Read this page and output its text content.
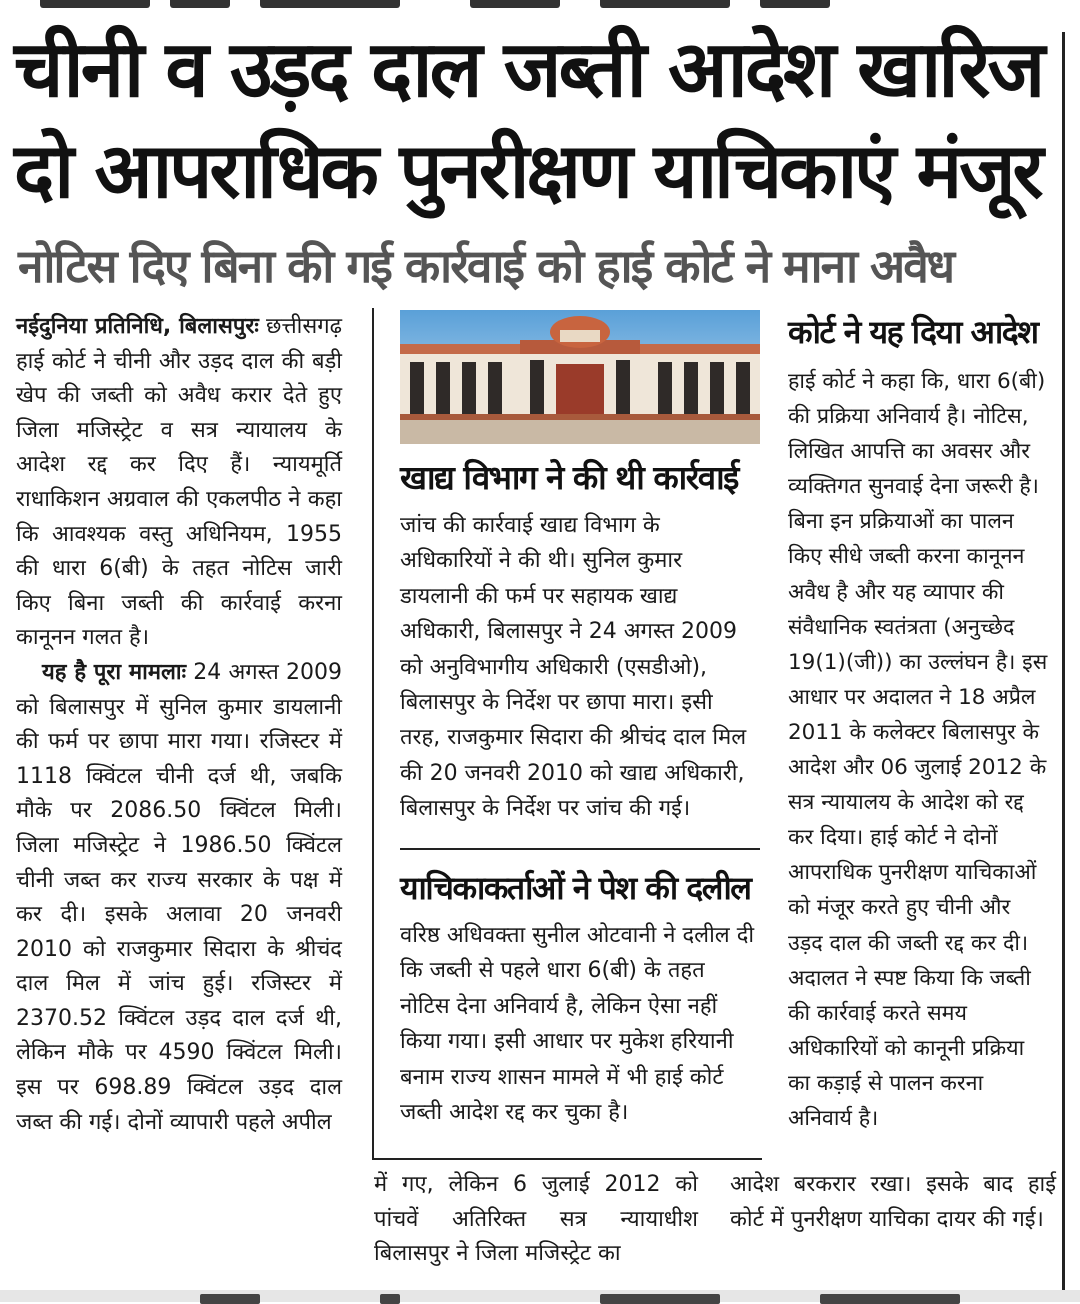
चीनी व उड़द दाल जब्ती आदेश खारिज
दो आपराधिक पुनरीक्षण याचिकाएं मंजूर
नोटिस दिए बिना की गई कार्रवाई को हाई कोर्ट ने माना अवैध

नईदुनिया प्रतिनिधि, बिलासपुरः छत्तीसगढ़ हाई कोर्ट ने चीनी और उड़द दाल की बड़ी खेप की जब्ती को अवैध करार देते हुए जिला मजिस्ट्रेट व सत्र न्यायालय के आदेश रद्द कर दिए हैं। न्यायमूर्ति राधाकिशन अग्रवाल की एकलपीठ ने कहा कि आवश्यक वस्तु अधिनियम, 1955 की धारा 6(बी) के तहत नोटिस जारी किए बिना जब्ती की कार्रवाई करना कानूनन गलत है।

यह है पूरा मामलाः 24 अगस्त 2009 को बिलासपुर में सुनिल कुमार डायलानी की फर्म पर छापा मारा गया। रजिस्टर में 1118 क्विंटल चीनी दर्ज थी, जबकि मौके पर 2086.50 क्विंटल मिली। जिला मजिस्ट्रेट ने 1986.50 क्विंटल चीनी जब्त कर राज्य सरकार के पक्ष में कर दी। इसके अलावा 20 जनवरी 2010 को राजकुमार सिदारा के श्रीचंद दाल मिल में जांच हुई। रजिस्टर में 2370.52 क्विंटल उड़द दाल दर्ज थी, लेकिन मौके पर 4590 क्विंटल मिली। इस पर 698.89 क्विंटल उड़द दाल जब्त की गई। दोनों व्यापारी पहले अपील

खाद्य विभाग ने की थी कार्रवाई

जांच की कार्रवाई खाद्य विभाग के अधिकारियों ने की थी। सुनिल कुमार डायलानी की फर्म पर सहायक खाद्य अधिकारी, बिलासपुर ने 24 अगस्त 2009 को अनुविभागीय अधिकारी (एसडीओ), बिलासपुर के निर्देश पर छापा मारा। इसी तरह, राजकुमार सिदारा की श्रीचंद दाल मिल की 20 जनवरी 2010 को खाद्य अधिकारी, बिलासपुर के निर्देश पर जांच की गई।

याचिकाकर्ताओं ने पेश की दलील

वरिष्ठ अधिवक्ता सुनील ओटवानी ने दलील दी कि जब्ती से पहले धारा 6(बी) के तहत नोटिस देना अनिवार्य है, लेकिन ऐसा नहीं किया गया। इसी आधार पर मुकेश हरियानी बनाम राज्य शासन मामले में भी हाई कोर्ट जब्ती आदेश रद्द कर चुका है।

कोर्ट ने यह दिया आदेश

हाई कोर्ट ने कहा कि, धारा 6(बी) की प्रक्रिया अनिवार्य है। नोटिस, लिखित आपत्ति का अवसर और व्यक्तिगत सुनवाई देना जरूरी है। बिना इन प्रक्रियाओं का पालन किए सीधे जब्ती करना कानूनन अवैध है और यह व्यापार की संवैधानिक स्वतंत्रता (अनुच्छेद 19(1)(जी)) का उल्लंघन है। इस आधार पर अदालत ने 18 अप्रैल 2011 के कलेक्टर बिलासपुर के आदेश और 06 जुलाई 2012 के सत्र न्यायालय के आदेश को रद्द कर दिया। हाई कोर्ट ने दोनों आपराधिक पुनरीक्षण याचिकाओं को मंजूर करते हुए चीनी और उड़द दाल की जब्ती रद्द कर दी। अदालत ने स्पष्ट किया कि जब्ती की कार्रवाई करते समय अधिकारियों को कानूनी प्रक्रिया का कड़ाई से पालन करना अनिवार्य है।

में गए, लेकिन 6 जुलाई 2012 को पांचवें अतिरिक्त सत्र न्यायाधीश बिलासपुर ने जिला मजिस्ट्रेट का

आदेश बरकरार रखा। इसके बाद हाई कोर्ट में पुनरीक्षण याचिका दायर की गई।
